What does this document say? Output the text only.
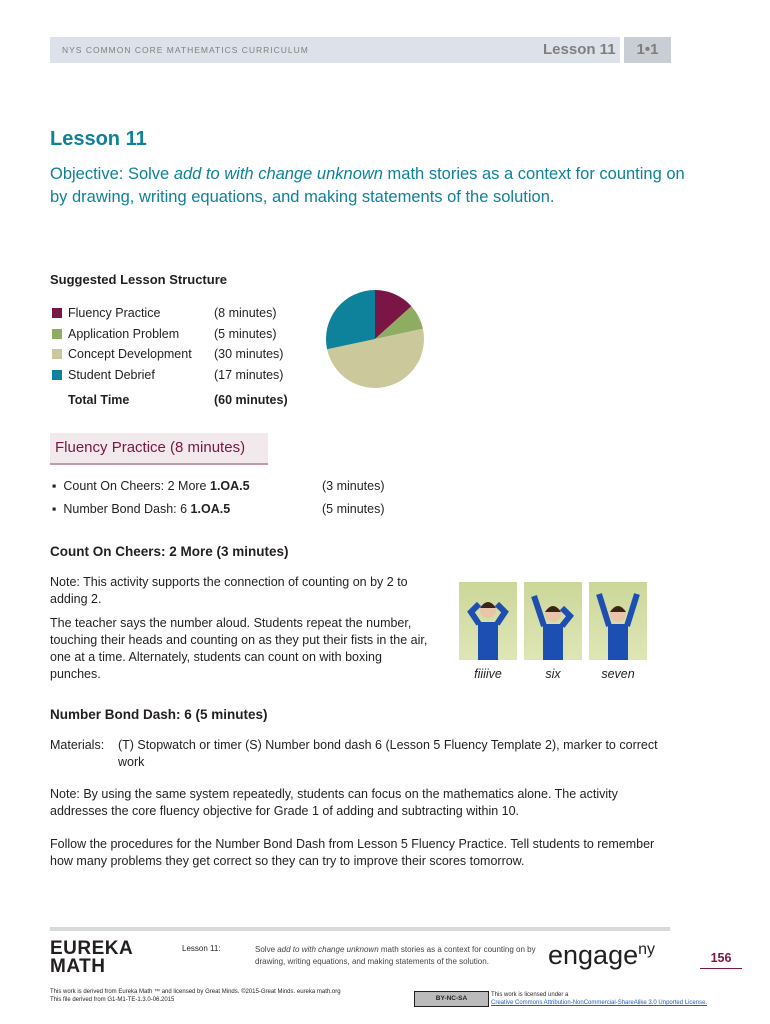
NYS COMMON CORE MATHEMATICS CURRICULUM	Lesson 11	1•1
Lesson 11
Objective: Solve add to with change unknown math stories as a context for counting on by drawing, writing equations, and making statements of the solution.
Suggested Lesson Structure
Fluency Practice	(8 minutes)
Application Problem	(5 minutes)
Concept Development (30 minutes)
Student Debrief	(17 minutes)
Total Time	(60 minutes)
Fluency Practice (8 minutes)
▪  Count On Cheers: 2 More 1.OA.5	(3 minutes)
▪  Number Bond Dash: 6 1.OA.5	(5 minutes)
Count On Cheers: 2 More (3 minutes)
Note: This activity supports the connection of counting on by 2 to adding 2.
The teacher says the number aloud. Students repeat the number, touching their heads and counting on as they put their fists in the air, one at a time. Alternately, students can count on with boxing punches.	fiiiive	six	seven
Number Bond Dash: 6 (5 minutes)
Materials: (T) Stopwatch or timer (S) Number bond dash 6 (Lesson 5 Fluency Template 2), marker to correct work
Note: By using the same system repeatedly, students can focus on the mathematics alone. The activity addresses the core fluency objective for Grade 1 of adding and subtracting within 10.
Follow the procedures for the Number Bond Dash from Lesson 5 Fluency Practice. Tell students to remember how many problems they get correct so they can try to improve their scores tomorrow.
EUREKA
MATH
Lesson 11:	Solve add to with change unknown math stories as a context for counting on by drawing, writing equations, and making statements of the solution.	engage$^{ny}$	156
This work is derived from Eureka Math ™ and licensed by Great Minds. ©2015-Great Minds. eureka math.org
This file derived from G1-M1-TE-1.3.0-06.2015	BY-NC-SA	This work is licensed under a
Creative Commons Attribution-NonCommercial-ShareAlike 3.0 Unported License.
